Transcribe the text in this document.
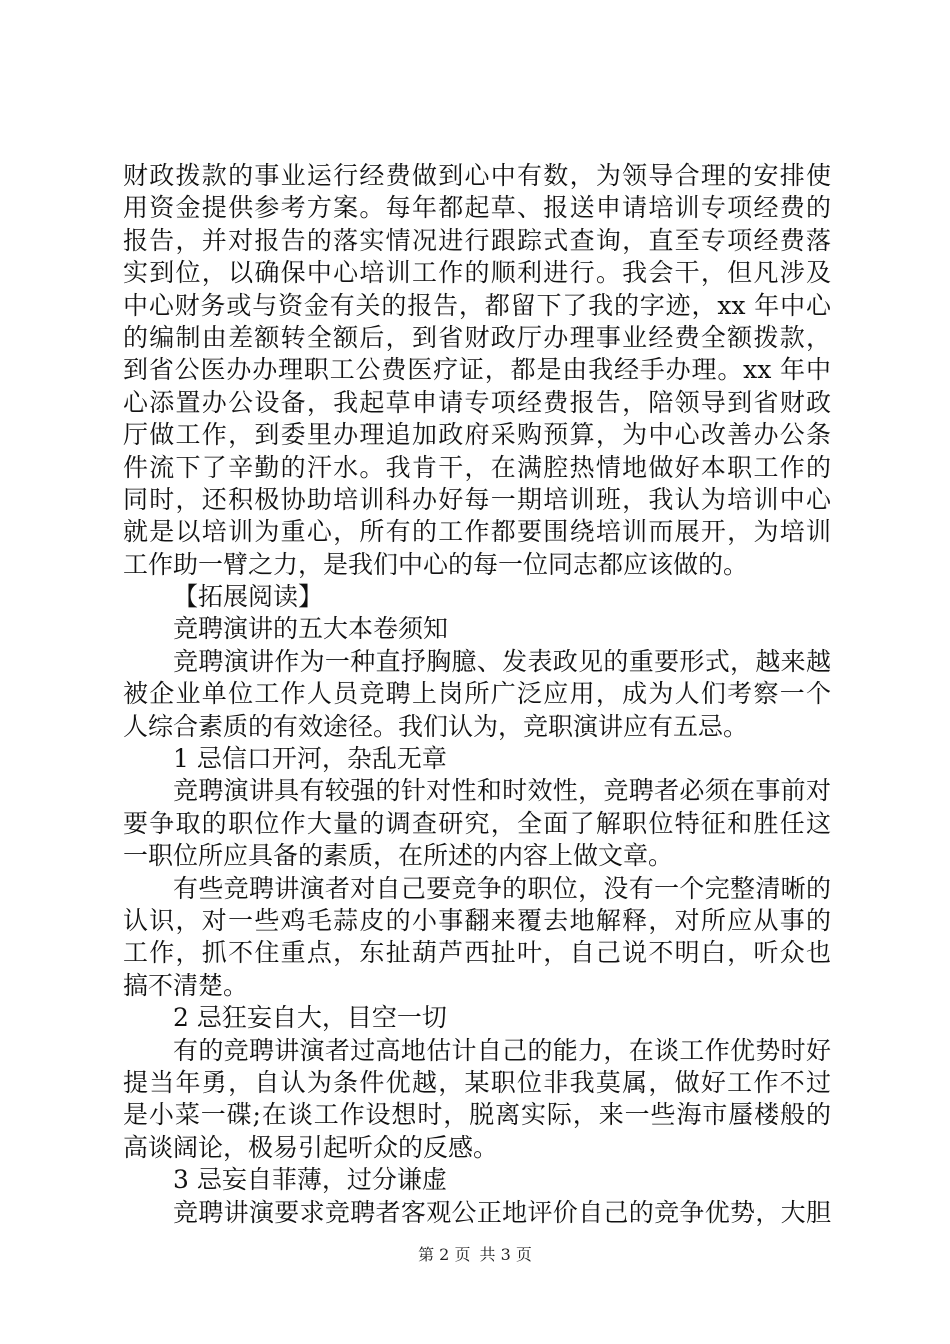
财政拨款的事业运行经费做到心中有数，为领导合理的安排使
用资金提供参考方案。每年都起草、报送申请培训专项经费的
报告，并对报告的落实情况进行跟踪式查询，直至专项经费落
实到位，以确保中心培训工作的顺利进行。我会干，但凡涉及
中心财务或与资金有关的报告，都留下了我的字迹，xx 年中心
的编制由差额转全额后，到省财政厅办理事业经费全额拨款，
到省公医办办理职工公费医疗证，都是由我经手办理。xx 年中
心添置办公设备，我起草申请专项经费报告，陪领导到省财政
厅做工作，到委里办理追加政府采购预算，为中心改善办公条
件流下了辛勤的汗水。我肯干，在满腔热情地做好本职工作的
同时，还积极协助培训科办好每一期培训班，我认为培训中心
就是以培训为重心，所有的工作都要围绕培训而展开，为培训
工作助一臂之力，是我们中心的每一位同志都应该做的。
【拓展阅读】
竞聘演讲的五大本卷须知
竞聘演讲作为一种直抒胸臆、发表政见的重要形式，越来越
被企业单位工作人员竞聘上岗所广泛应用，成为人们考察一个
人综合素质的有效途径。我们认为，竞职演讲应有五忌。
1 忌信口开河，杂乱无章
竞聘演讲具有较强的针对性和时效性，竞聘者必须在事前对
要争取的职位作大量的调查研究，全面了解职位特征和胜任这
一职位所应具备的素质，在所述的内容上做文章。
有些竞聘讲演者对自己要竞争的职位，没有一个完整清晰的
认识，对一些鸡毛蒜皮的小事翻来覆去地解释，对所应从事的
工作，抓不住重点，东扯葫芦西扯叶，自己说不明白，听众也
搞不清楚。
2 忌狂妄自大，目空一切
有的竞聘讲演者过高地估计自己的能力，在谈工作优势时好
提当年勇，自认为条件优越，某职位非我莫属，做好工作不过
是小菜一碟;在谈工作设想时，脱离实际，来一些海市蜃楼般的
高谈阔论，极易引起听众的反感。
3 忌妄自菲薄，过分谦虚
竞聘讲演要求竞聘者客观公正地评价自己的竞争优势，大胆
第 2 页 共 3 页
